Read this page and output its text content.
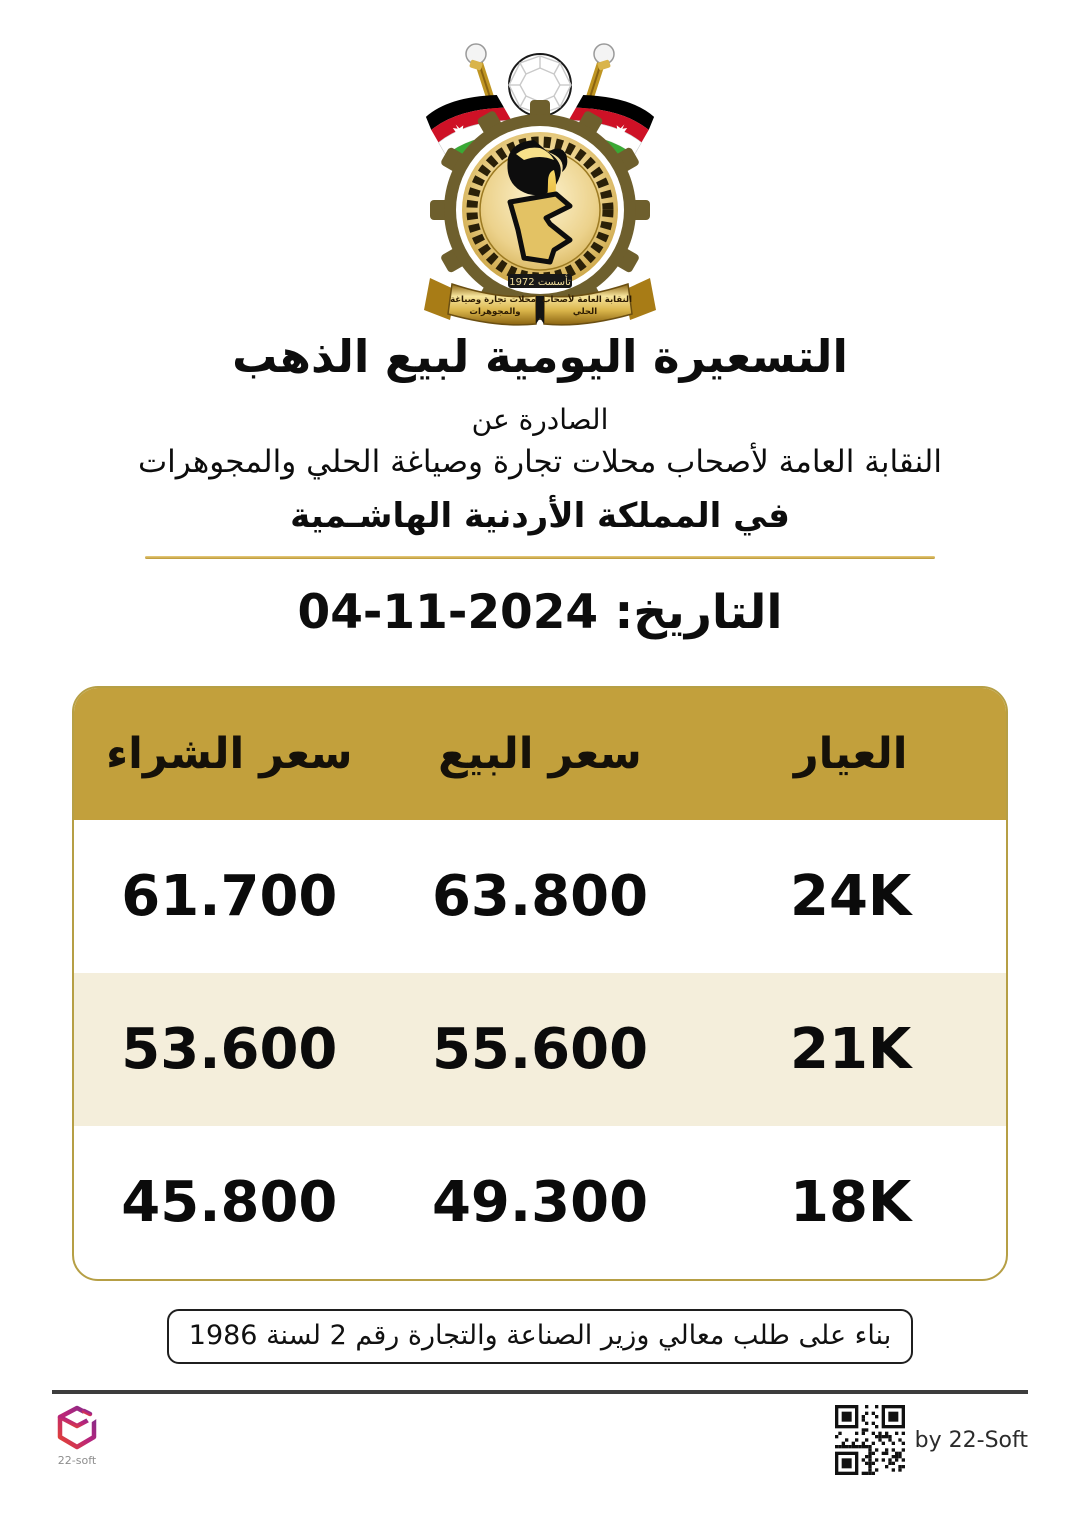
تأسست 1972
النقابة العامة لأصحاب
الحلي
محلات تجارة وصياغة
والمجوهرات
التسعيرة اليومية لبيع الذهب
الصادرة عن
النقابة العامة لأصحاب محلات تجارة وصياغة الحلي والمجوهرات
في المملكة الأردنية الهاشـمية
التاريخ: 04-11-2024
العيار
سعر البيع
سعر الشراء
24K
63.800
61.700
21K
55.600
53.600
18K
49.300
45.800
بناء على طلب معالي وزير الصناعة والتجارة رقم 2 لسنة 1986
22-soft
by 22-Soft
